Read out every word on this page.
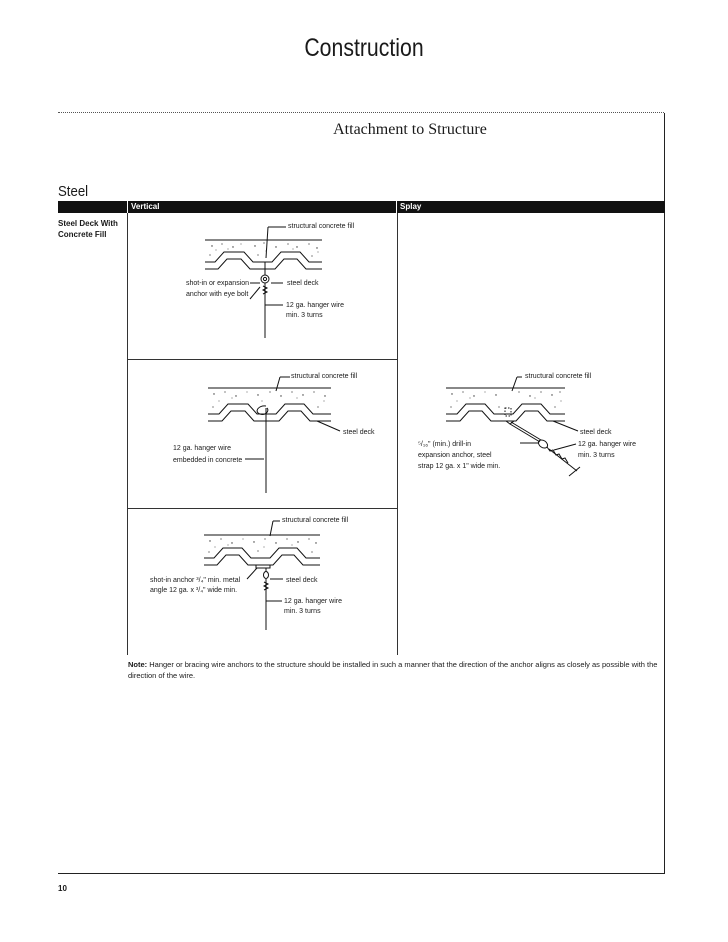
Construction
Attachment to Structure
Steel
Vertical	Splay
Steel Deck With
Concrete Fill
structural concrete fill
shot-in or expansion
anchor with eye bolt
steel deck
12 ga. hanger wire
min. 3 turns
structural concrete fill
steel deck
12 ga. hanger wire
embedded in concrete
structural concrete fill
shot-in anchor ³/₄" min. metal
angle 12 ga. x ³/₄" wide min.
steel deck
12 ga. hanger wire
min. 3 turns
structural concrete fill
steel deck
⁵/₁₆" (min.) drill-in
expansion anchor, steel
strap 12 ga. x 1" wide min.
12 ga. hanger wire
min. 3 turns
Note: Hanger or bracing wire anchors to the structure should be installed in such a manner that the direction of the anchor aligns as closely as possible with the direction of the wire.
10
